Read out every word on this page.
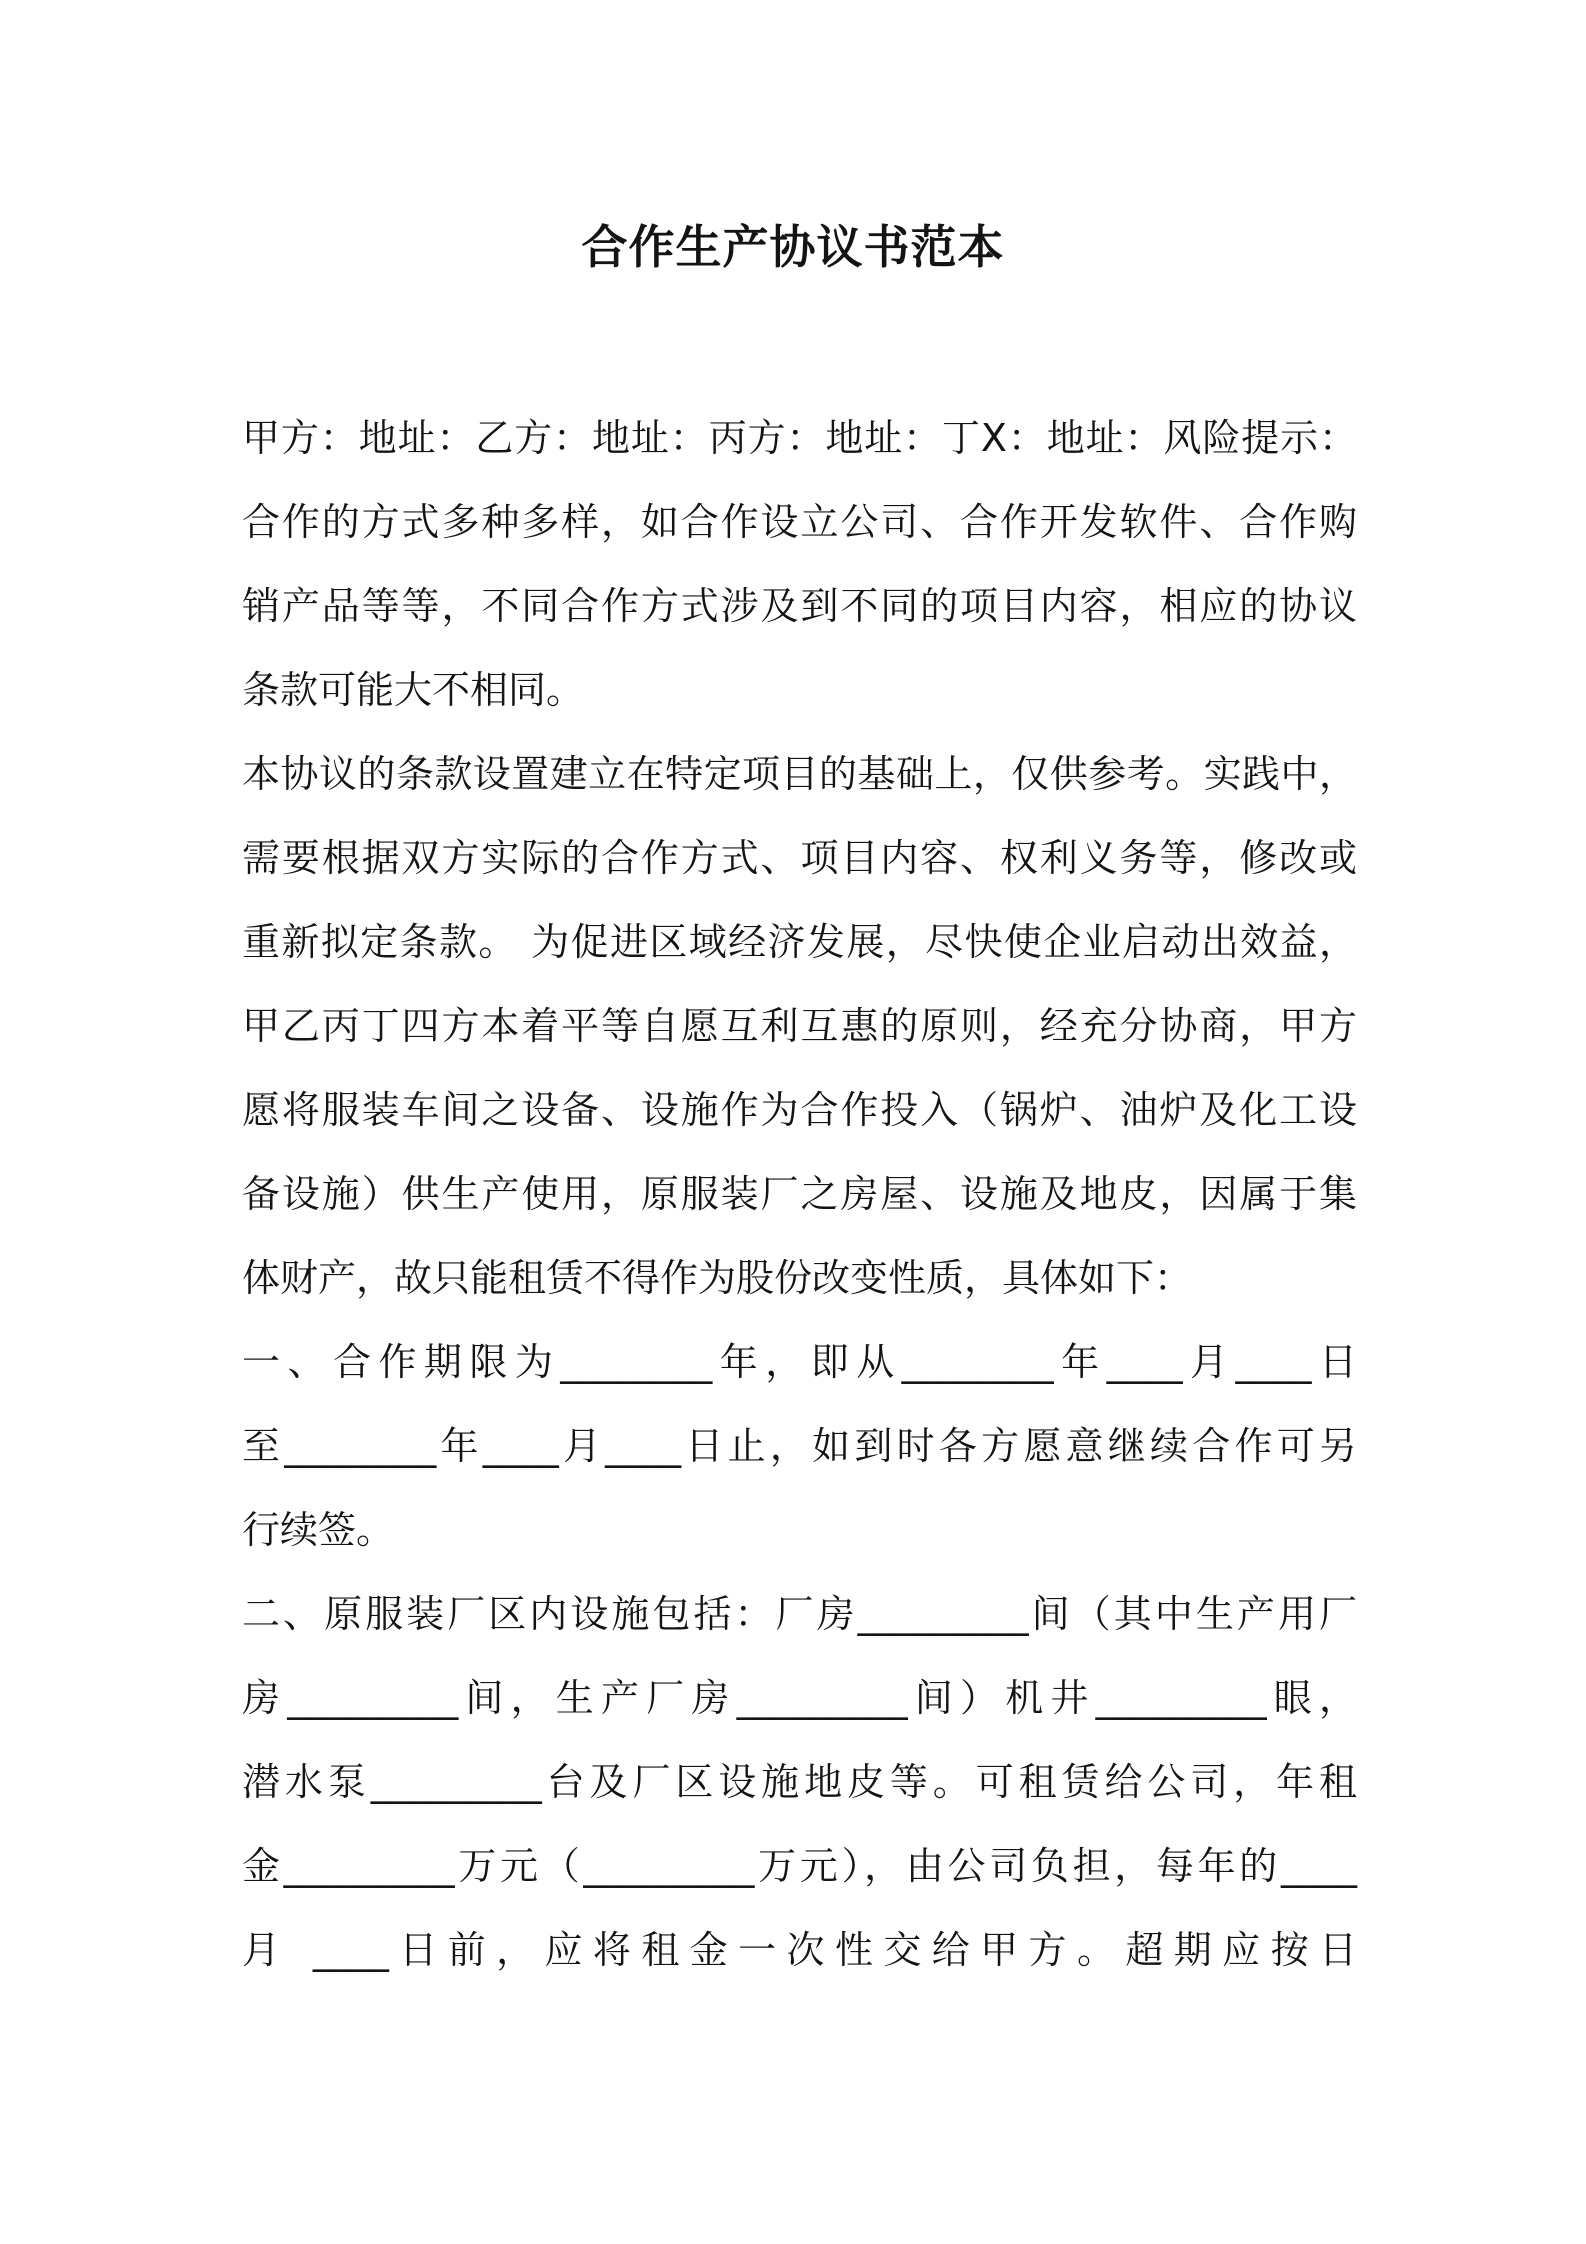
合作生产协议书范本
甲方：地址：乙方：地址：丙方：地址：丁X：地址：风险提示：
合作的方式多种多样，如合作设立公司、合作开发软件、合作购
销产品等等，不同合作方式涉及到不同的项目内容，相应的协议
条款可能大不相同。
本协议的条款设置建立在特定项目的基础上，仅供参考。实践中，
需要根据双方实际的合作方式、项目内容、权利义务等，修改或
重新拟定条款。 为促进区域经济发展，尽快使企业启动出效益，
甲乙丙丁四方本着平等自愿互利互惠的原则，经充分协商，甲方
愿将服装车间之设备、设施作为合作投入（锅炉、油炉及化工设
备设施）供生产使用，原服装厂之房屋、设施及地皮，因属于集
体财产，故只能租赁不得作为股份改变性质，具体如下：
一、合作期限为________年，即从________年____月____日
至________年____月____日止，如到时各方愿意继续合作可另
行续签。
二、原服装厂区内设施包括：厂房_________间（其中生产用厂
房_________间，生产厂房_________间）机井_________眼，
潜水泵_________台及厂区设施地皮等。可租赁给公司，年租
金_________万元（_________万元），由公司负担，每年的____
月 ____日前，应将租金一次性交给甲方。超期应按日
